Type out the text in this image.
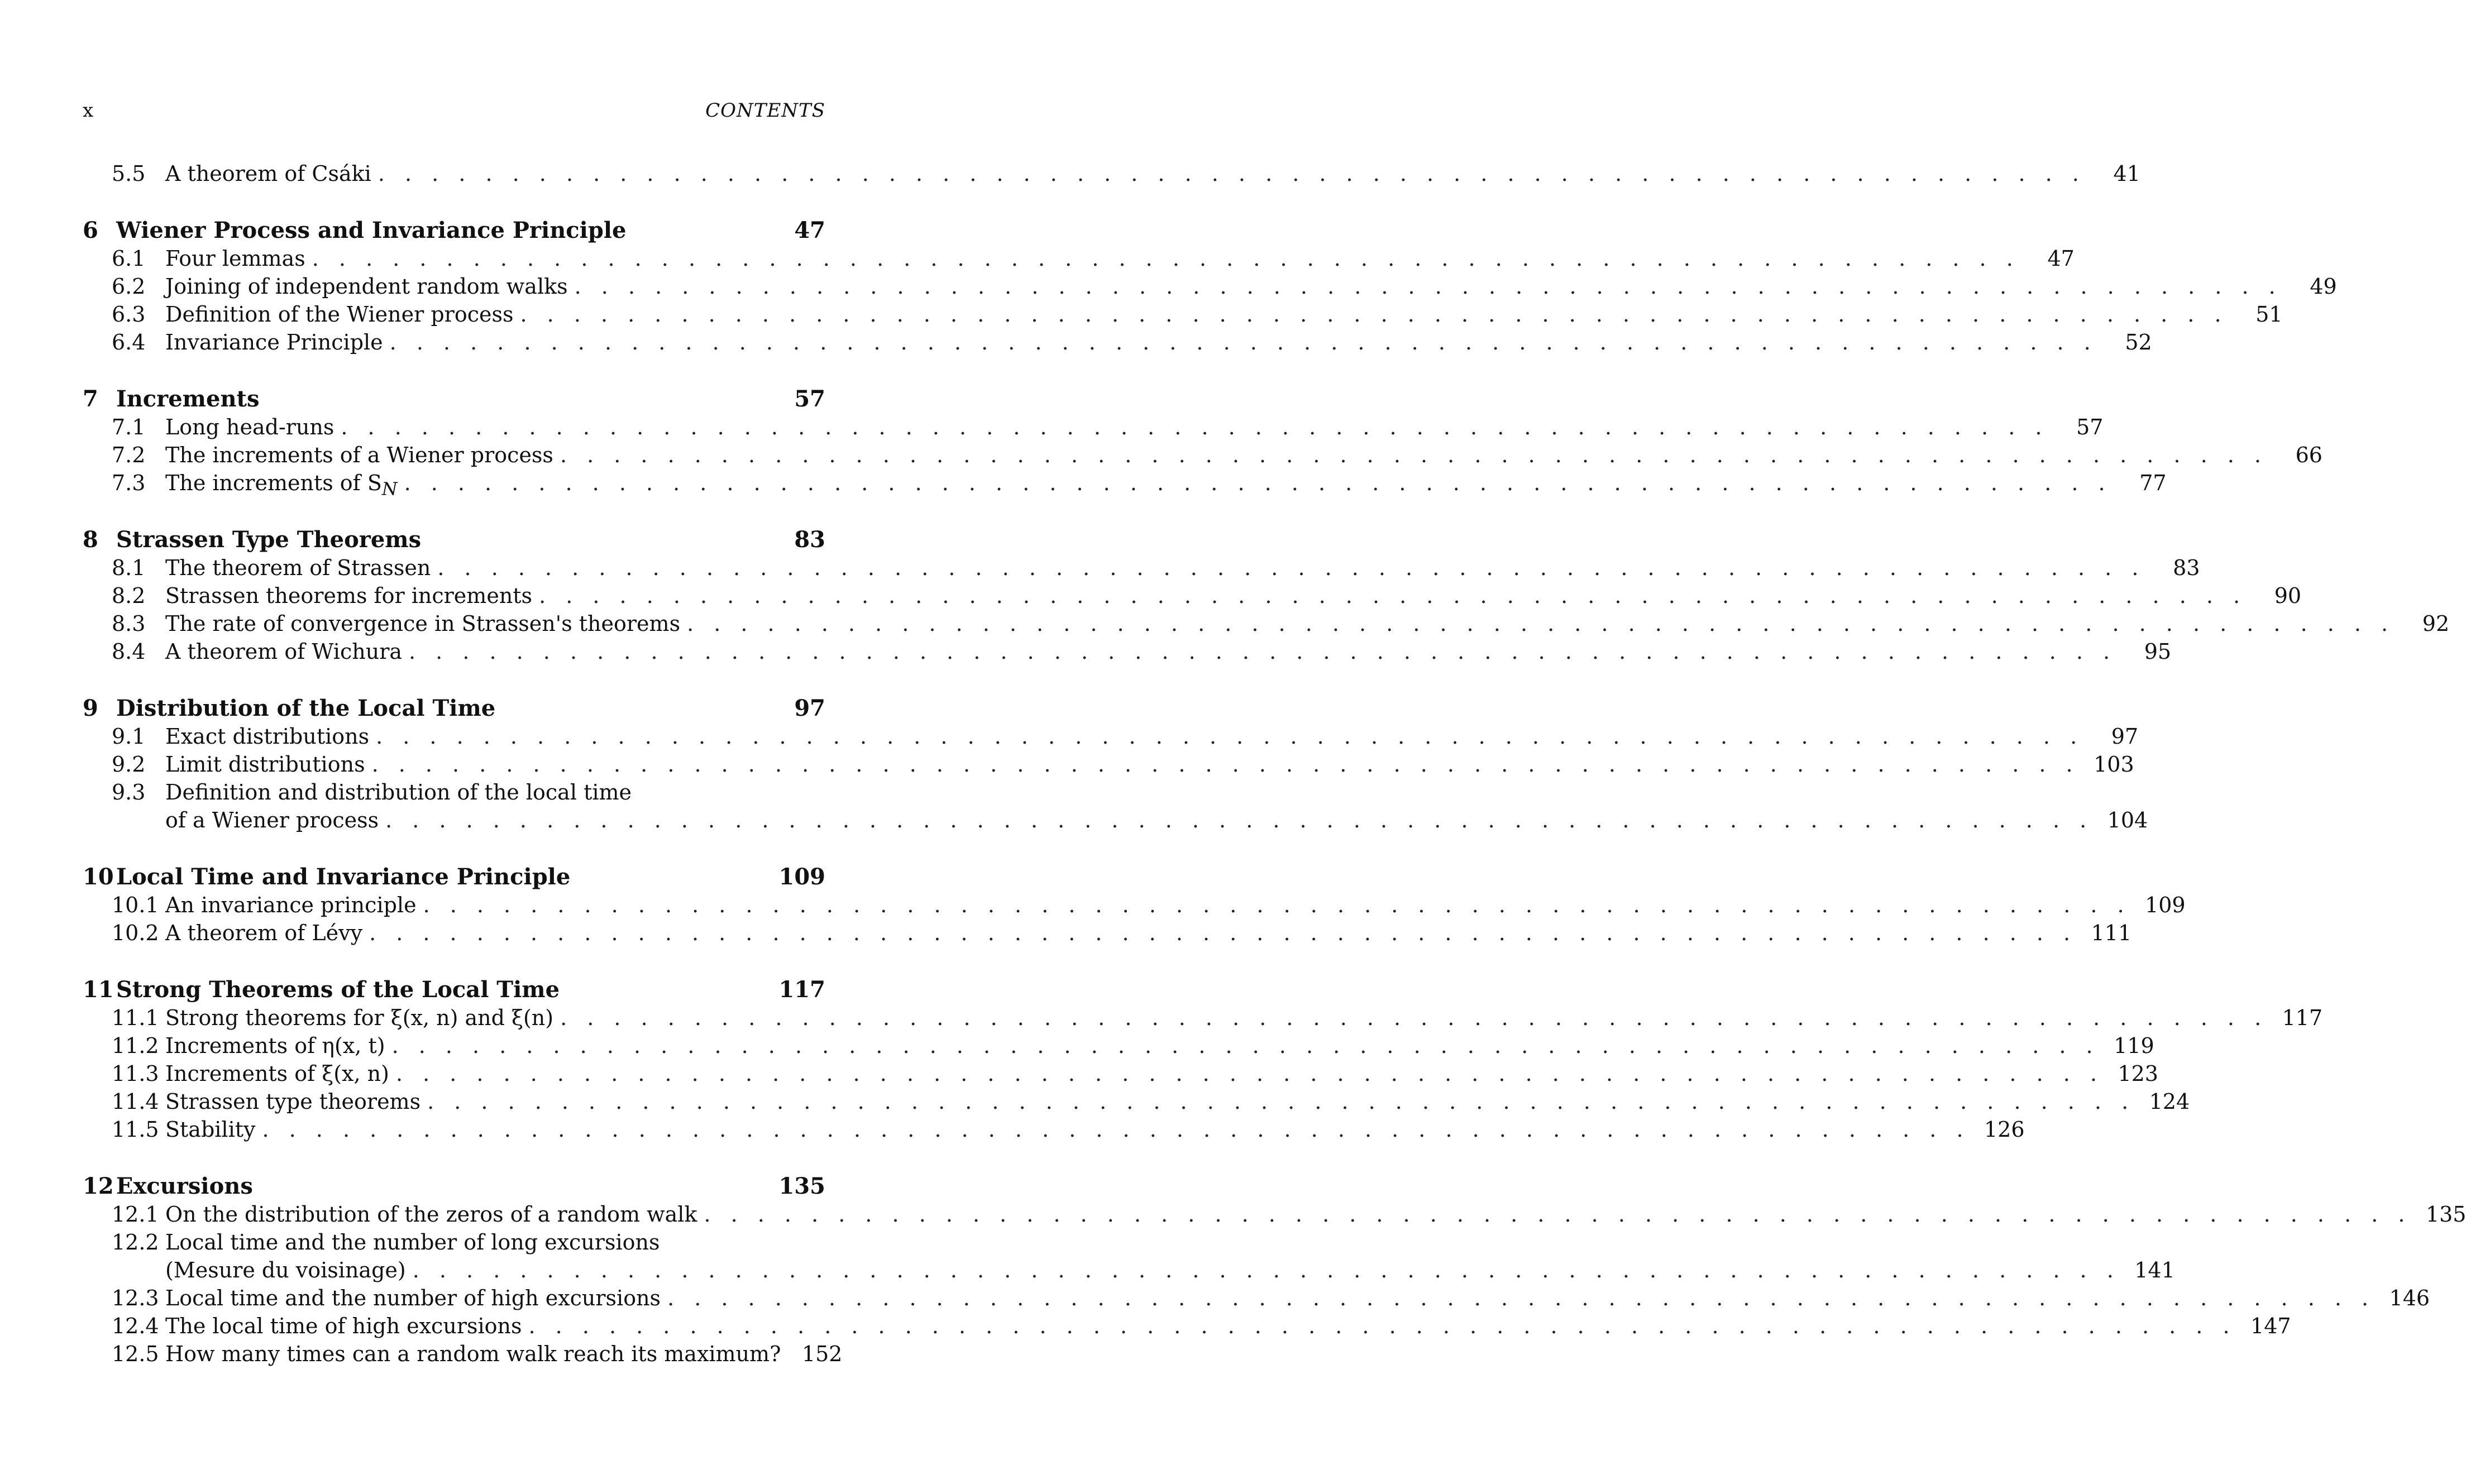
x	CONTENTS
5.5 A theorem of Csáki . . .	41
6 Wiener Process and Invariance Principle	47
6.1 Four lemmas . . .	47
6.2 Joining of independent random walks . . .	49
6.3 Definition of the Wiener process . . .	51
6.4 Invariance Principle . . .	52
7 Increments	57
7.1 Long head-runs . . .	57
7.2 The increments of a Wiener process . . .	66
7.3 The increments of $S_N$ . . .	77
8 Strassen Type Theorems	83
8.1 The theorem of Strassen . . .	83
8.2 Strassen theorems for increments . . .	90
8.3 The rate of convergence in Strassen's theorems . . .	92
8.4 A theorem of Wichura . . .	95
9 Distribution of the Local Time	97
9.1 Exact distributions . . .	97
9.2 Limit distributions . . .	103
9.3 Definition and distribution of the local time
of a Wiener process . . .	104
10 Local Time and Invariance Principle	109
10.1 An invariance principle . . .	109
10.2 A theorem of Lévy . . .	111
11 Strong Theorems of the Local Time	117
11.1 Strong theorems for ξ(x, n) and ξ(n) . . .	117
11.2 Increments of η(x, t) . . .	119
11.3 Increments of ξ(x, n) . . .	123
11.4 Strassen type theorems . . .	124
11.5 Stability . . .	126
12 Excursions	135
12.1 On the distribution of the zeros of a random walk . . .	135
12.2 Local time and the number of long excursions
(Mesure du voisinage) . . .	141
12.3 Local time and the number of high excursions . . .	146
12.4 The local time of high excursions . . .	147
12.5 How many times can a random walk reach its maximum? 152
